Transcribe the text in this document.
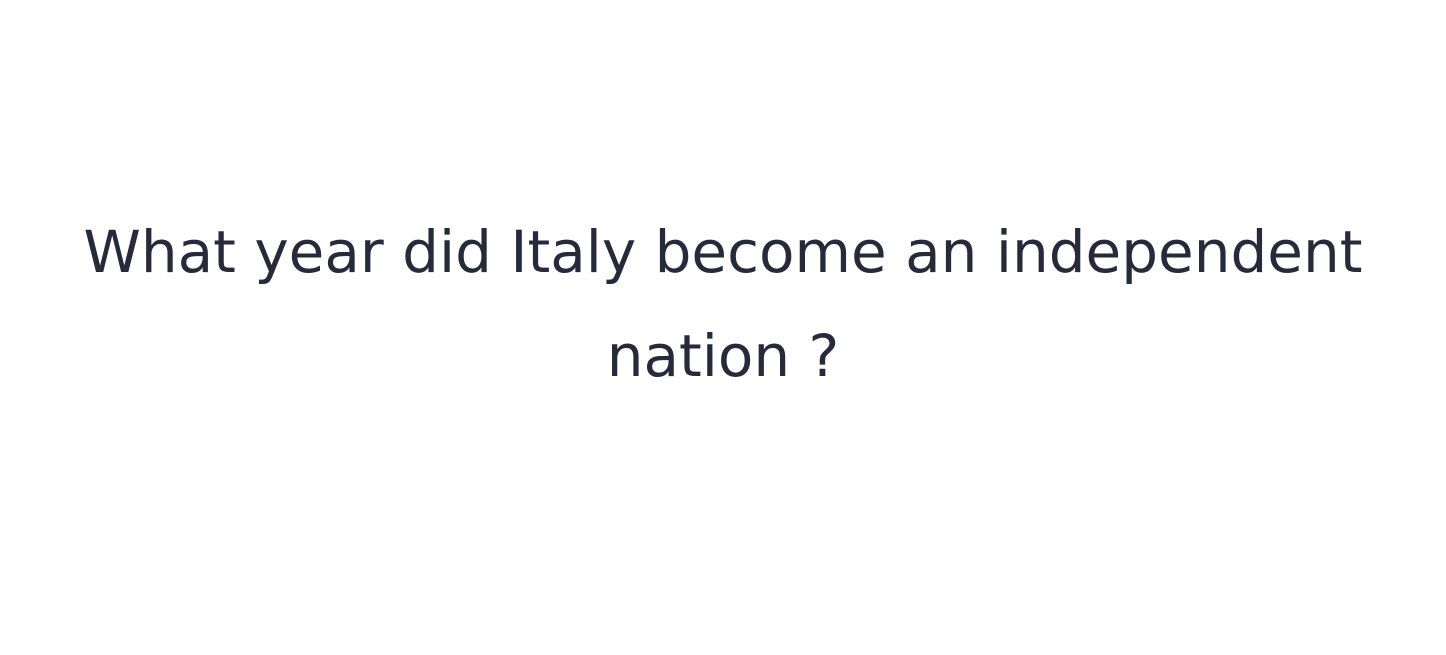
What year did Italy become an independent
nation ?
